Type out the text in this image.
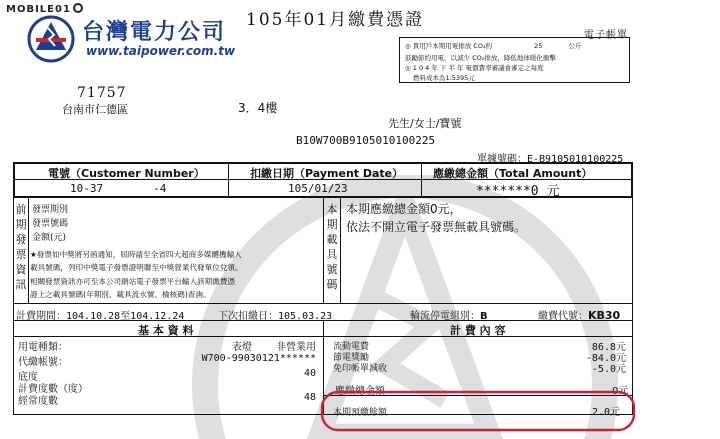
MOBILE01
台灣電力公司
www.taipower.com.tw
105年01月繳費憑證
電子帳單
◎ 貴用戶本期用電排放 CO₂約	25	公斤
鼓勵節約用電，以減少 CO₂排放，降低地球暖化衝擊
◎ 1 0 4 年 下 半 年 電價費率審議會審定之每度
燃料成本為1.5395元
71757
台南市仁德區	3．4樓
先生/女士/寶號
B10W700B9105010100225
單據號碼：E-B9105010100225
電號（Customer Number）	扣繳日期（Payment Date）	應繳總金額（Total Amount）
10-37	-4	105/01/23	*******0 元
前期發票資訊
發票期別
發票號碼
金額(元)
★發票如中獎將另函通知，屆時請至全省四大超商多媒體機輸入
載具號碼，列印中獎電子發票證明聯至中獎營業代發單位兌領。
相關發票資訊亦可至本公司網站電子發票平台輸入該期繳費憑
證上之載具號碼(年期別、載具流水號、檢核碼)查詢。
本期載具號碼
本期應繳總金額0元，
依法不開立電子發票無載具號碼。
計費期間：104.10.28至104.12.24	下次扣繳日：105.03.23	輪流停電組別：B	繳費代號：KB30
基 本 資 料	計 費 內 容
用電種類：	表燈 非營業用
代繳帳號：	W700-99030121******
底度	40
計費度數（度）
經常度數	48
流動電費	86.8元
節電獎勵	-84.0元
免印帳單減收	-5.0元
應繳總金額	0元
本期預繳餘額	2.0元
